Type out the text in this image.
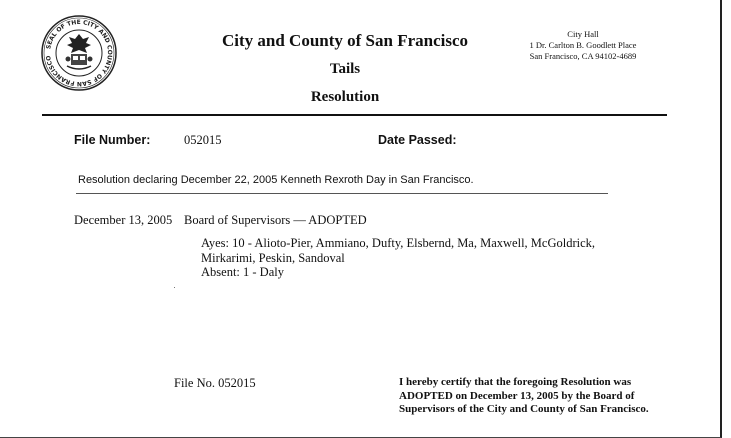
SEAL OF THE CITY AND COUNTY OF SAN FRANCISCO
City and County of San Francisco
Tails
Resolution
City Hall
1 Dr. Carlton B. Goodlett Place
San Francisco, CA 94102-4689
File Number:	052015	Date Passed:
Resolution declaring December 22, 2005 Kenneth Rexroth Day in San Francisco.
December 13, 2005 Board of Supervisors — ADOPTED
Ayes: 10 - Alioto-Pier, Ammiano, Dufty, Elsbernd, Ma, Maxwell, McGoldrick, Mirkarimi, Peskin, Sandoval
Absent: 1 - Daly
File No. 052015	I hereby certify that the foregoing Resolution was ADOPTED on December 13, 2005 by the Board of Supervisors of the City and County of San Francisco.
